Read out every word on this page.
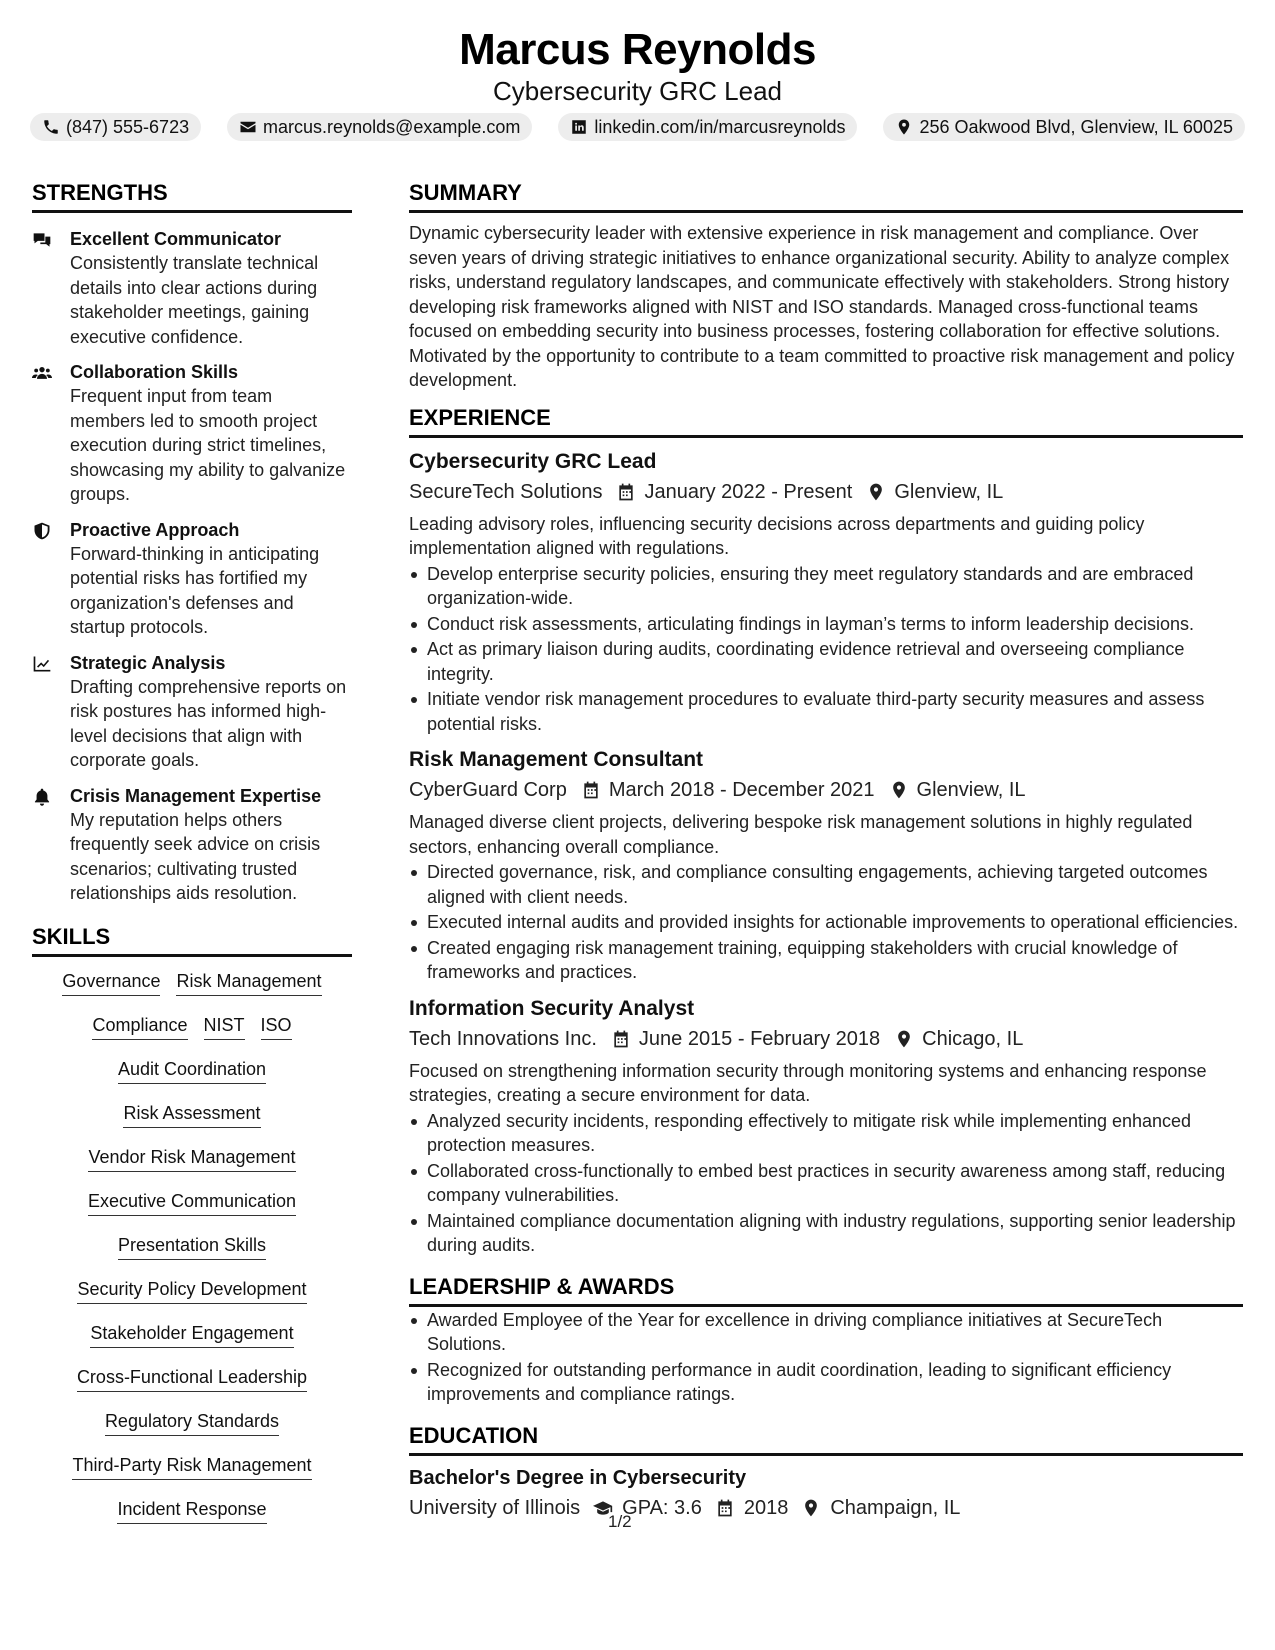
Marcus Reynolds
Cybersecurity GRC Lead
(847) 555-6723	marcus.reynolds@example.com	linkedin.com/in/marcusreynolds	256 Oakwood Blvd, Glenview, IL 60025
STRENGTHS
Excellent Communicator
Consistently translate technical details into clear actions during stakeholder meetings, gaining executive confidence.
Collaboration Skills
Frequent input from team members led to smooth project execution during strict timelines, showcasing my ability to galvanize groups.
Proactive Approach
Forward-thinking in anticipating potential risks has fortified my organization's defenses and startup protocols.
Strategic Analysis
Drafting comprehensive reports on risk postures has informed high-level decisions that align with corporate goals.
Crisis Management Expertise
My reputation helps others frequently seek advice on crisis scenarios; cultivating trusted relationships aids resolution.
SKILLS
Governance Risk Management
Compliance NIST ISO
Audit Coordination
Risk Assessment
Vendor Risk Management
Executive Communication
Presentation Skills
Security Policy Development
Stakeholder Engagement
Cross-Functional Leadership
Regulatory Standards
Third-Party Risk Management
Incident Response
SUMMARY
Dynamic cybersecurity leader with extensive experience in risk management and compliance. Over seven years of driving strategic initiatives to enhance organizational security. Ability to analyze complex risks, understand regulatory landscapes, and communicate effectively with stakeholders. Strong history developing risk frameworks aligned with NIST and ISO standards. Managed cross-functional teams focused on embedding security into business processes, fostering collaboration for effective solutions. Motivated by the opportunity to contribute to a team committed to proactive risk management and policy development.
EXPERIENCE
Cybersecurity GRC Lead
SecureTech Solutions January 2022 - Present Glenview, IL
Leading advisory roles, influencing security decisions across departments and guiding policy implementation aligned with regulations.
Develop enterprise security policies, ensuring they meet regulatory standards and are embraced organization-wide.
Conduct risk assessments, articulating findings in layman’s terms to inform leadership decisions.
Act as primary liaison during audits, coordinating evidence retrieval and overseeing compliance integrity.
Initiate vendor risk management procedures to evaluate third-party security measures and assess potential risks.
Risk Management Consultant
CyberGuard Corp March 2018 - December 2021 Glenview, IL
Managed diverse client projects, delivering bespoke risk management solutions in highly regulated sectors, enhancing overall compliance.
Directed governance, risk, and compliance consulting engagements, achieving targeted outcomes aligned with client needs.
Executed internal audits and provided insights for actionable improvements to operational efficiencies.
Created engaging risk management training, equipping stakeholders with crucial knowledge of frameworks and practices.
Information Security Analyst
Tech Innovations Inc. June 2015 - February 2018 Chicago, IL
Focused on strengthening information security through monitoring systems and enhancing response strategies, creating a secure environment for data.
Analyzed security incidents, responding effectively to mitigate risk while implementing enhanced protection measures.
Collaborated cross-functionally to embed best practices in security awareness among staff, reducing company vulnerabilities.
Maintained compliance documentation aligning with industry regulations, supporting senior leadership during audits.
LEADERSHIP & AWARDS
Awarded Employee of the Year for excellence in driving compliance initiatives at SecureTech Solutions.
Recognized for outstanding performance in audit coordination, leading to significant efficiency improvements and compliance ratings.
EDUCATION
Bachelor's Degree in Cybersecurity
University of Illinois GPA: 3.6 2018 Champaign, IL
1/2
